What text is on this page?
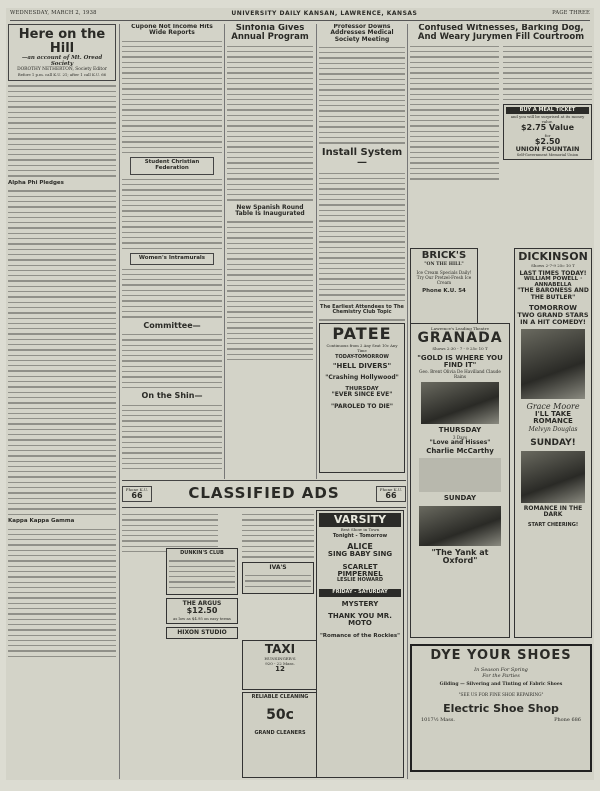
WEDNESDAY, MARCH 2, 1938	UNIVERSITY DAILY KANSAN, LAWRENCE, KANSAS	PAGE THREE
Here on the Hill
—an account of Mt. Oread Society
DOROTHY NETHERTON, Society Editor
Before 1 p.m. call K.U. 21; after 1 call K.U. 66
Alpha Phi Pledges
Kappa Kappa Gamma
Cupone Not Income Hits Wide Reports
Student Christian Federation
Women's Intramurals
Committee—
On the Shin—
Sinfonia Gives Annual Program
New Spanish Round Table Is Inaugurated
Professor Downs Addresses Medical Society Meeting
Install System—
The Earliest Attendees to The Chemistry Club Topic
Confused Witnesses, Barking Dog, And Weary Jurymen Fill Courtroom
BUY A MEAL TICKET
and you will be surprised at its money value.
$2.75 Value
for
$2.50
UNION FOUNTAIN
Self-Government Memorial Union
BRICK'S
"ON THE HILL"
Ice Cream Specials Daily!
Try Our Pretzel-Fresh Ice Cream
Phone K.U. 54
Lawrence's Leading Theatre
GRANADA
Shows 2:30 - 7 - 9 25c 10 T
"GOLD IS WHERE YOU FIND IT"
Geo. Brent Olivia De Havilland Claude Rains
THURSDAY
3 Days
"Love and Hisses"
Charlie McCarthy
SUNDAY
"The Yank at Oxford"
DICKINSON
Shows 2-7-9 25c 10 T
LAST TIMES TODAY!
WILLIAM POWELL · ANNABELLA
"THE BARONESS AND THE BUTLER"
TOMORROW
TWO GRAND STARS IN A HIT COMEDY!
Grace Moore
I'LL TAKE ROMANCE
Melvyn Douglas
SUNDAY!
ROMANCE IN THE DARK
START CHEERING!
Phone K.U.
66	CLASSIFIED ADS	Phone K.U.
66
DUNKIN'S CLUB
THE ARGUS
$12.50
as low as $4.95 on easy terms
HIXON STUDIO
IVA'S
TAXI
HUNSINGER'S
920 - 22 Mass.
12
RELIABLE CLEANING
50c
GRAND CLEANERS
VARSITY
Best Show in Town
Tonight - Tomorrow
ALICE
SING BABY SING
SCARLET PIMPERNEL
LESLIE HOWARD
FRIDAY - SATURDAY
MYSTERY
THANK YOU MR. MOTO
"Romance of the Rockies"
PATEE
Continuous from 2 Any Seat 10c Any Time
TODAY-TOMORROW
"HELL DIVERS"
"Crashing Hollywood"
THURSDAY
"EVER SINCE EVE"
"PAROLED TO DIE"
DYE YOUR SHOES
In Season For Spring
For the Parties
Gilding — Silvering and Tinting of Fabric Shoes
"SEE US FOR FINE SHOE REPAIRING"
Electric Shoe Shop
1017½ Mass.	Phone 686
